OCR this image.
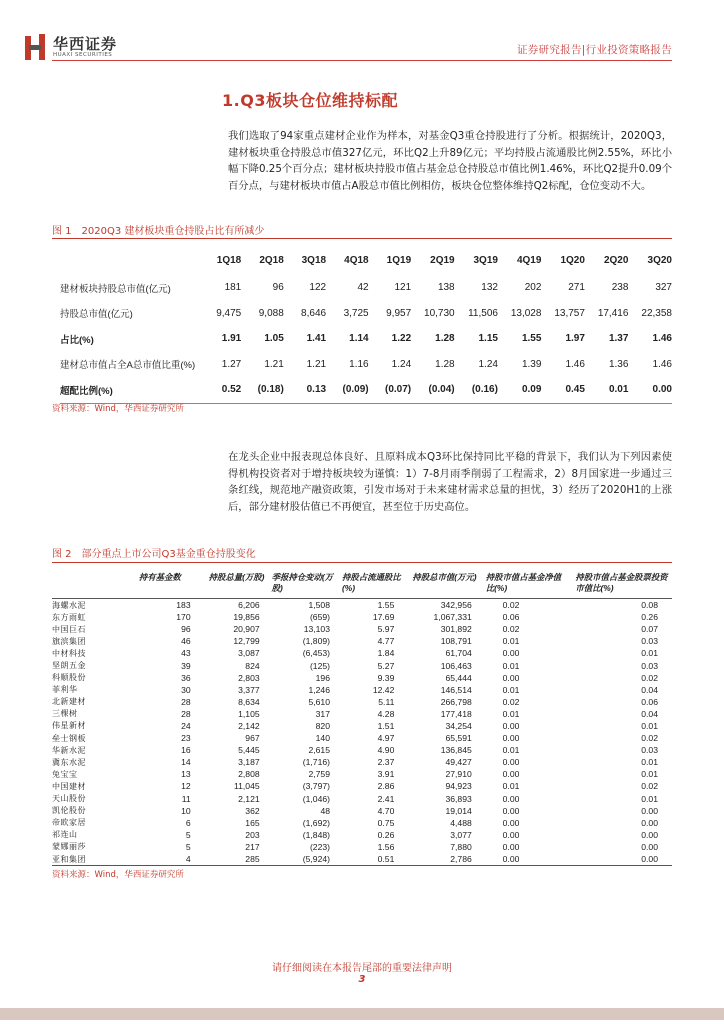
华西证券
HUAXI SECURITIES	证券研究报告|行业投资策略报告
1.Q3板块仓位维持标配
我们选取了94家重点建材企业作为样本，对基金Q3重仓持股进行了分析。根据统计，2020Q3，建材板块重仓持股总市值327亿元，环比Q2上升89亿元；平均持股占流通股比例2.55%，环比小幅下降0.25个百分点；建材板块持股市值占基金总仓持股总市值比例1.46%，环比Q2提升0.09个百分点，与建材板块市值占A股总市值比例相仿，板块仓位整体维持Q2标配，仓位变动不大。
图 1　2020Q3 建材板块重仓持股占比有所减少
	1Q18	2Q18	3Q18	4Q18	1Q19	2Q19	3Q19	4Q19	1Q20	2Q20	3Q20
建材板块持股总市值(亿元)	181	96	122	42	121	138	132	202	271	238	327
持股总市值(亿元)	9,475	9,088	8,646	3,725	9,957	10,730	11,506	13,028	13,757	17,416	22,358
占比(%)	1.91	1.05	1.41	1.14	1.22	1.28	1.15	1.55	1.97	1.37	1.46
建材总市值占全A总市值比重(%)	1.27	1.21	1.21	1.16	1.24	1.28	1.24	1.39	1.46	1.36	1.46
超配比例(%)	0.52	(0.18)	0.13	(0.09)	(0.07)	(0.04)	(0.16)	0.09	0.45	0.01	0.00
资料来源：Wind，华西证券研究所
在龙头企业中报表现总体良好、且原料成本Q3环比保持同比平稳的背景下，我们认为下列因素使得机构投资者对于增持板块较为谨慎：1）7-8月雨季削弱了工程需求，2）8月国家进一步通过三条红线，规范地产融资政策，引发市场对于未来建材需求总量的担忧，3）经历了2020H1的上涨后，部分建材股估值已不再便宜，甚至位于历史高位。
图 2　部分重点上市公司Q3基金重仓持股变化
	持有基金数	持股总量(万股)	季报持仓变动(万股)	持股占流通股比(%)	持股总市值(万元)	持股市值占基金净值比(%)	持股市值占基金股票投资市值比(%)
海螺水泥	183	6,206	1,508	1.55	342,956	0.02	0.08
东方雨虹	170	19,856	(659)	17.69	1,067,331	0.06	0.26
中国巨石	96	20,907	13,103	5.97	301,892	0.02	0.07
旗滨集团	46	12,799	(1,809)	4.77	108,791	0.01	0.03
中材科技	43	3,087	(6,453)	1.84	61,704	0.00	0.01
坚朗五金	39	824	(125)	5.27	106,463	0.01	0.03
科顺股份	36	2,803	196	9.39	65,444	0.00	0.02
菲利华	30	3,377	1,246	12.42	146,514	0.01	0.04
北新建材	28	8,634	5,610	5.11	266,798	0.02	0.06
三棵树	28	1,105	317	4.28	177,418	0.01	0.04
伟星新材	24	2,142	820	1.51	34,254	0.00	0.01
垒士钢板	23	967	140	4.97	65,591	0.00	0.02
华新水泥	16	5,445	2,615	4.90	136,845	0.01	0.03
冀东水泥	14	3,187	(1,716)	2.37	49,427	0.00	0.01
兔宝宝	13	2,808	2,759	3.91	27,910	0.00	0.01
中国建材	12	11,045	(3,797)	2.86	94,923	0.01	0.02
天山股份	11	2,121	(1,046)	2.41	36,893	0.00	0.01
凯伦股份	10	362	48	4.70	19,014	0.00	0.00
帝欧家居	6	165	(1,692)	0.75	4,488	0.00	0.00
祁连山	5	203	(1,848)	0.26	3,077	0.00	0.00
蒙娜丽莎	5	217	(223)	1.56	7,880	0.00	0.00
亚和集团	4	285	(5,924)	0.51	2,786	0.00	0.00
资料来源：Wind，华西证券研究所
请仔细阅读在本报告尾部的重要法律声明
3
